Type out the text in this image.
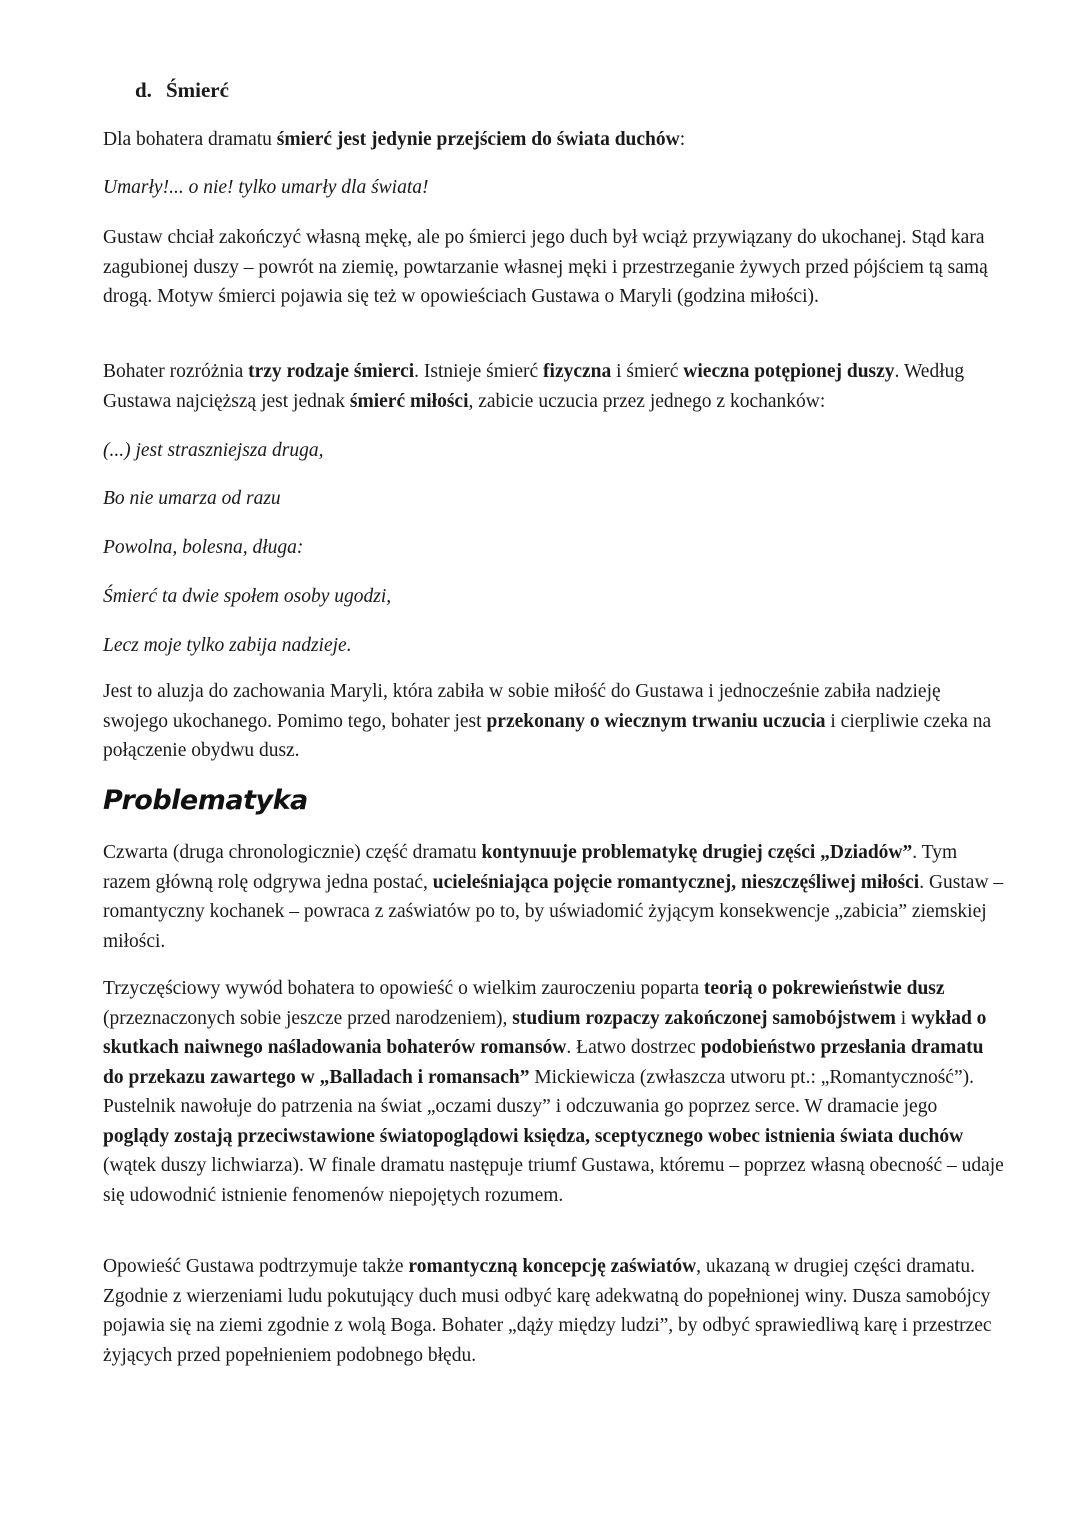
d. Śmierć

Dla bohatera dramatu śmierć jest jedynie przejściem do świata duchów:

Umarły!... o nie! tylko umarły dla świata!

Gustaw chciał zakończyć własną mękę, ale po śmierci jego duch był wciąż przywiązany do ukochanej. Stąd kara zagubionej duszy – powrót na ziemię, powtarzanie własnej męki i przestrzeganie żywych przed pójściem tą samą drogą. Motyw śmierci pojawia się też w opowieściach Gustawa o Maryli (godzina miłości).

Bohater rozróżnia trzy rodzaje śmierci. Istnieje śmierć fizyczna i śmierć wieczna potępionej duszy. Według Gustawa najcięższą jest jednak śmierć miłości, zabicie uczucia przez jednego z kochanków:

(...) jest straszniejsza druga,

Bo nie umarza od razu

Powolna, bolesna, długa:

Śmierć ta dwie społem osoby ugodzi,

Lecz moje tylko zabija nadzieje.

Jest to aluzja do zachowania Maryli, która zabiła w sobie miłość do Gustawa i jednocześnie zabiła nadzieję swojego ukochanego. Pomimo tego, bohater jest przekonany o wiecznym trwaniu uczucia i cierpliwie czeka na połączenie obydwu dusz.

Problematyka

Czwarta (druga chronologicznie) część dramatu kontynuuje problematykę drugiej części „Dziadów”. Tym razem główną rolę odgrywa jedna postać, ucieleśniająca pojęcie romantycznej, nieszczęśliwej miłości. Gustaw – romantyczny kochanek – powraca z zaświatów po to, by uświadomić żyjącym konsekwencje „zabicia” ziemskiej miłości.

Trzyczęściowy wywód bohatera to opowieść o wielkim zauroczeniu poparta teorią o pokrewieństwie dusz (przeznaczonych sobie jeszcze przed narodzeniem), studium rozpaczy zakończonej samobójstwem i wykład o skutkach naiwnego naśladowania bohaterów romansów. Łatwo dostrzec podobieństwo przesłania dramatu do przekazu zawartego w „Balladach i romansach” Mickiewicza (zwłaszcza utworu pt.: „Romantyczność”). Pustelnik nawołuje do patrzenia na świat „oczami duszy” i odczuwania go poprzez serce. W dramacie jego poglądy zostają przeciwstawione światopoglądowi księdza, sceptycznego wobec istnienia świata duchów (wątek duszy lichwiarza). W finale dramatu następuje triumf Gustawa, któremu – poprzez własną obecność – udaje się udowodnić istnienie fenomenów niepojętych rozumem.

Opowieść Gustawa podtrzymuje także romantyczną koncepcję zaświatów, ukazaną w drugiej części dramatu. Zgodnie z wierzeniami ludu pokutujący duch musi odbyć karę adekwatną do popełnionej winy. Dusza samobójcy pojawia się na ziemi zgodnie z wolą Boga. Bohater „dąży między ludzi”, by odbyć sprawiedliwą karę i przestrzec żyjących przed popełnieniem podobnego błędu.
